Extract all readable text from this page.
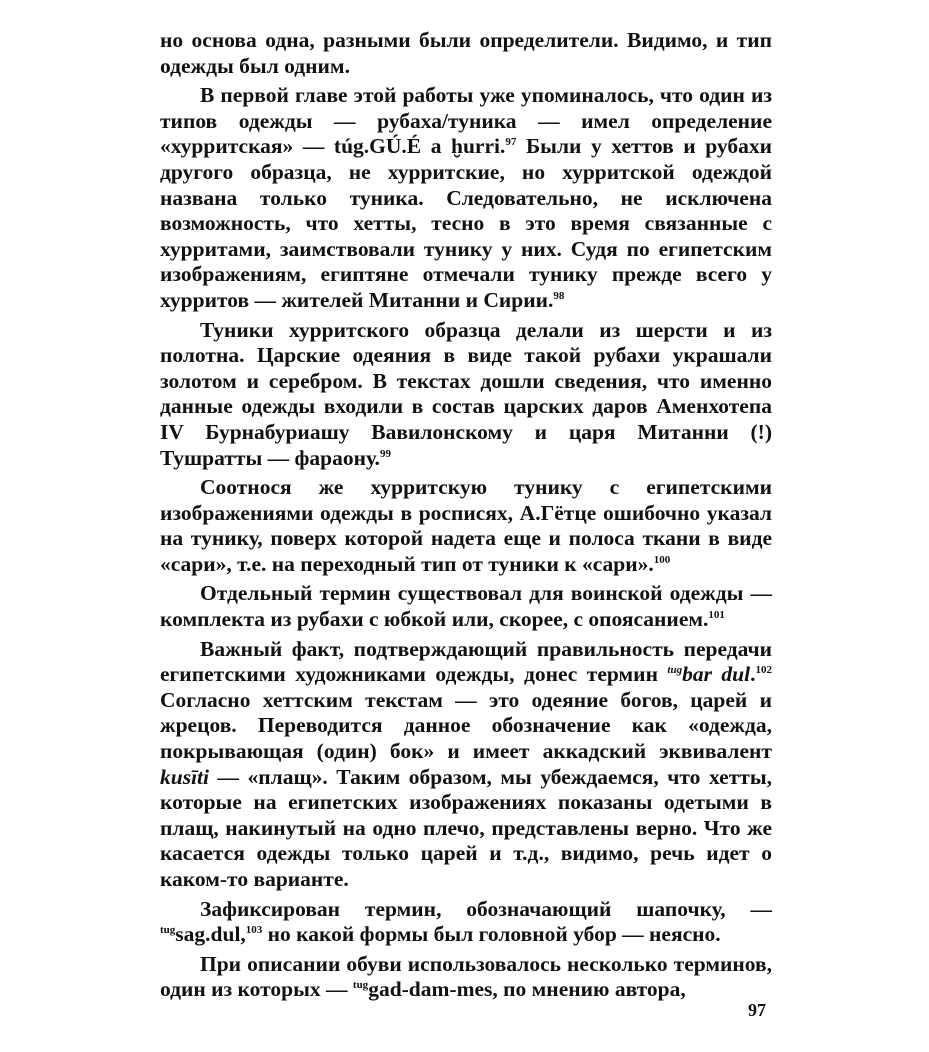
но основа одна, разными были определители. Видимо, и тип одежды был одним.

В первой главе этой работы уже упоминалось, что один из типов одежды — рубаха/туника — имел определение «хурритская» — túg.GÚ.É a ḫurri.$^{97}$ Были у хеттов и рубахи другого образца, не хурритские, но хурритской одеждой названа только туника. Следовательно, не исключена возможность, что хетты, тесно в это время связанные с хурритами, заимствовали тунику у них. Судя по египетским изображениям, египтяне отмечали тунику прежде всего у хурритов — жителей Митанни и Сирии.$^{98}$

Туники хурритского образца делали из шерсти и из полотна. Царские одеяния в виде такой рубахи украшали золотом и серебром. В текстах дошли сведения, что именно данные одежды входили в состав царских даров Аменхотепа IV Бурнабуриашу Вавилонскому и царя Митанни (!) Тушратты — фараону.$^{99}$

Соотнося же хурритскую тунику с египетскими изображениями одежды в росписях, А.Гётце ошибочно указал на тунику, поверх которой надета еще и полоса ткани в виде «сари», т.е. на переходный тип от туники к «сари».$^{100}$

Отдельный термин существовал для воинской одежды — комплекта из рубахи с юбкой или, скорее, с опоясанием.$^{101}$

Важный факт, подтверждающий правильность передачи египетскими художниками одежды, донес термин $^{tug}$bar dul.$^{102}$ Согласно хеттским текстам — это одеяние богов, царей и жрецов. Переводится данное обозначение как «одежда, покрывающая (один) бок» и имеет аккадский эквивалент kusīti — «плащ». Таким образом, мы убеждаемся, что хетты, которые на египетских изображениях показаны одетыми в плащ, накинутый на одно плечо, представлены верно. Что же касается одежды только царей и т.д., видимо, речь идет о каком-то варианте.

Зафиксирован термин, обозначающий шапочку, — $^{tug}$sag.dul,$^{103}$ но какой формы был головной убор — неясно.

При описании обуви использовалось несколько терминов, один из которых — $^{tug}$gad-dam-mes, по мнению автора,

97
